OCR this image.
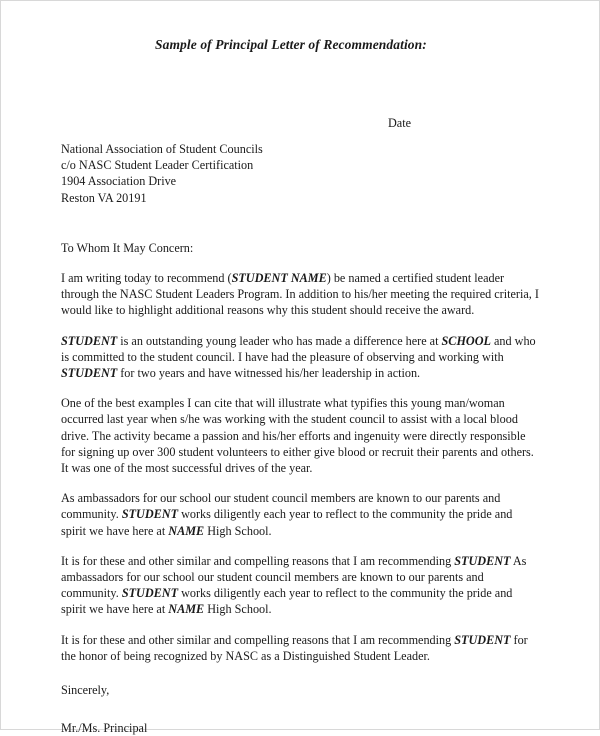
Sample of Principal Letter of Recommendation:
Date
National Association of Student Councils
c/o NASC Student Leader Certification
1904 Association Drive
Reston VA 20191
To Whom It May Concern:

I am writing today to recommend (STUDENT NAME) be named a certified student leader through the NASC Student Leaders Program. In addition to his/her meeting the required criteria, I would like to highlight additional reasons why this student should receive the award.

STUDENT is an outstanding young leader who has made a difference here at SCHOOL and who is committed to the student council. I have had the pleasure of observing and working with STUDENT for two years and have witnessed his/her leadership in action.

One of the best examples I can cite that will illustrate what typifies this young man/woman occurred last year when s/he was working with the student council to assist with a local blood drive. The activity became a passion and his/her efforts and ingenuity were directly responsible for signing up over 300 student volunteers to either give blood or recruit their parents and others. It was one of the most successful drives of the year.

As ambassadors for our school our student council members are known to our parents and community. STUDENT works diligently each year to reflect to the community the pride and spirit we have here at NAME High School.

It is for these and other similar and compelling reasons that I am recommending STUDENT As ambassadors for our school our student council members are known to our parents and community. STUDENT works diligently each year to reflect to the community the pride and spirit we have here at NAME High School.

It is for these and other similar and compelling reasons that I am recommending STUDENT for the honor of being recognized by NASC as a Distinguished Student Leader.

Sincerely,
Mr./Ms. Principal
